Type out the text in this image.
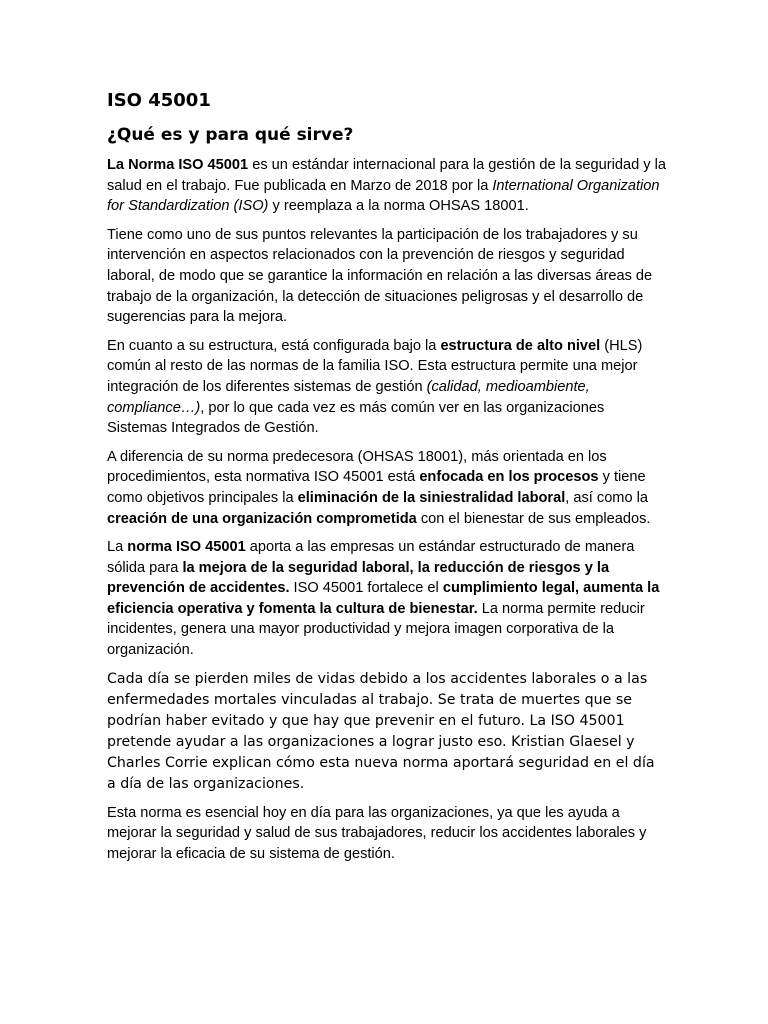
ISO 45001
¿Qué es y para qué sirve?

La Norma ISO 45001 es un estándar internacional para la gestión de la seguridad y la salud en el trabajo. Fue publicada en Marzo de 2018 por la International Organization for Standardization (ISO) y reemplaza a la norma OHSAS 18001.

Tiene como uno de sus puntos relevantes la participación de los trabajadores y su intervención en aspectos relacionados con la prevención de riesgos y seguridad laboral, de modo que se garantice la información en relación a las diversas áreas de trabajo de la organización, la detección de situaciones peligrosas y el desarrollo de sugerencias para la mejora.

En cuanto a su estructura, está configurada bajo la estructura de alto nivel (HLS) común al resto de las normas de la familia ISO. Esta estructura permite una mejor integración de los diferentes sistemas de gestión (calidad, medioambiente, compliance…), por lo que cada vez es más común ver en las organizaciones Sistemas Integrados de Gestión.

A diferencia de su norma predecesora (OHSAS 18001), más orientada en los procedimientos, esta normativa ISO 45001 está enfocada en los procesos y tiene como objetivos principales la eliminación de la siniestralidad laboral, así como la creación de una organización comprometida con el bienestar de sus empleados.

La norma ISO 45001 aporta a las empresas un estándar estructurado de manera sólida para la mejora de la seguridad laboral, la reducción de riesgos y la prevención de accidentes. ISO 45001 fortalece el cumplimiento legal, aumenta la eficiencia operativa y fomenta la cultura de bienestar. La norma permite reducir incidentes, genera una mayor productividad y mejora imagen corporativa de la organización.

Cada día se pierden miles de vidas debido a los accidentes laborales o a las enfermedades mortales vinculadas al trabajo. Se trata de muertes que se podrían haber evitado y que hay que prevenir en el futuro. La ISO 45001 pretende ayudar a las organizaciones a lograr justo eso. Kristian Glaesel y Charles Corrie explican cómo esta nueva norma aportará seguridad en el día a día de las organizaciones.

Esta norma es esencial hoy en día para las organizaciones, ya que les ayuda a mejorar la seguridad y salud de sus trabajadores, reducir los accidentes laborales y mejorar la eficacia de su sistema de gestión.
